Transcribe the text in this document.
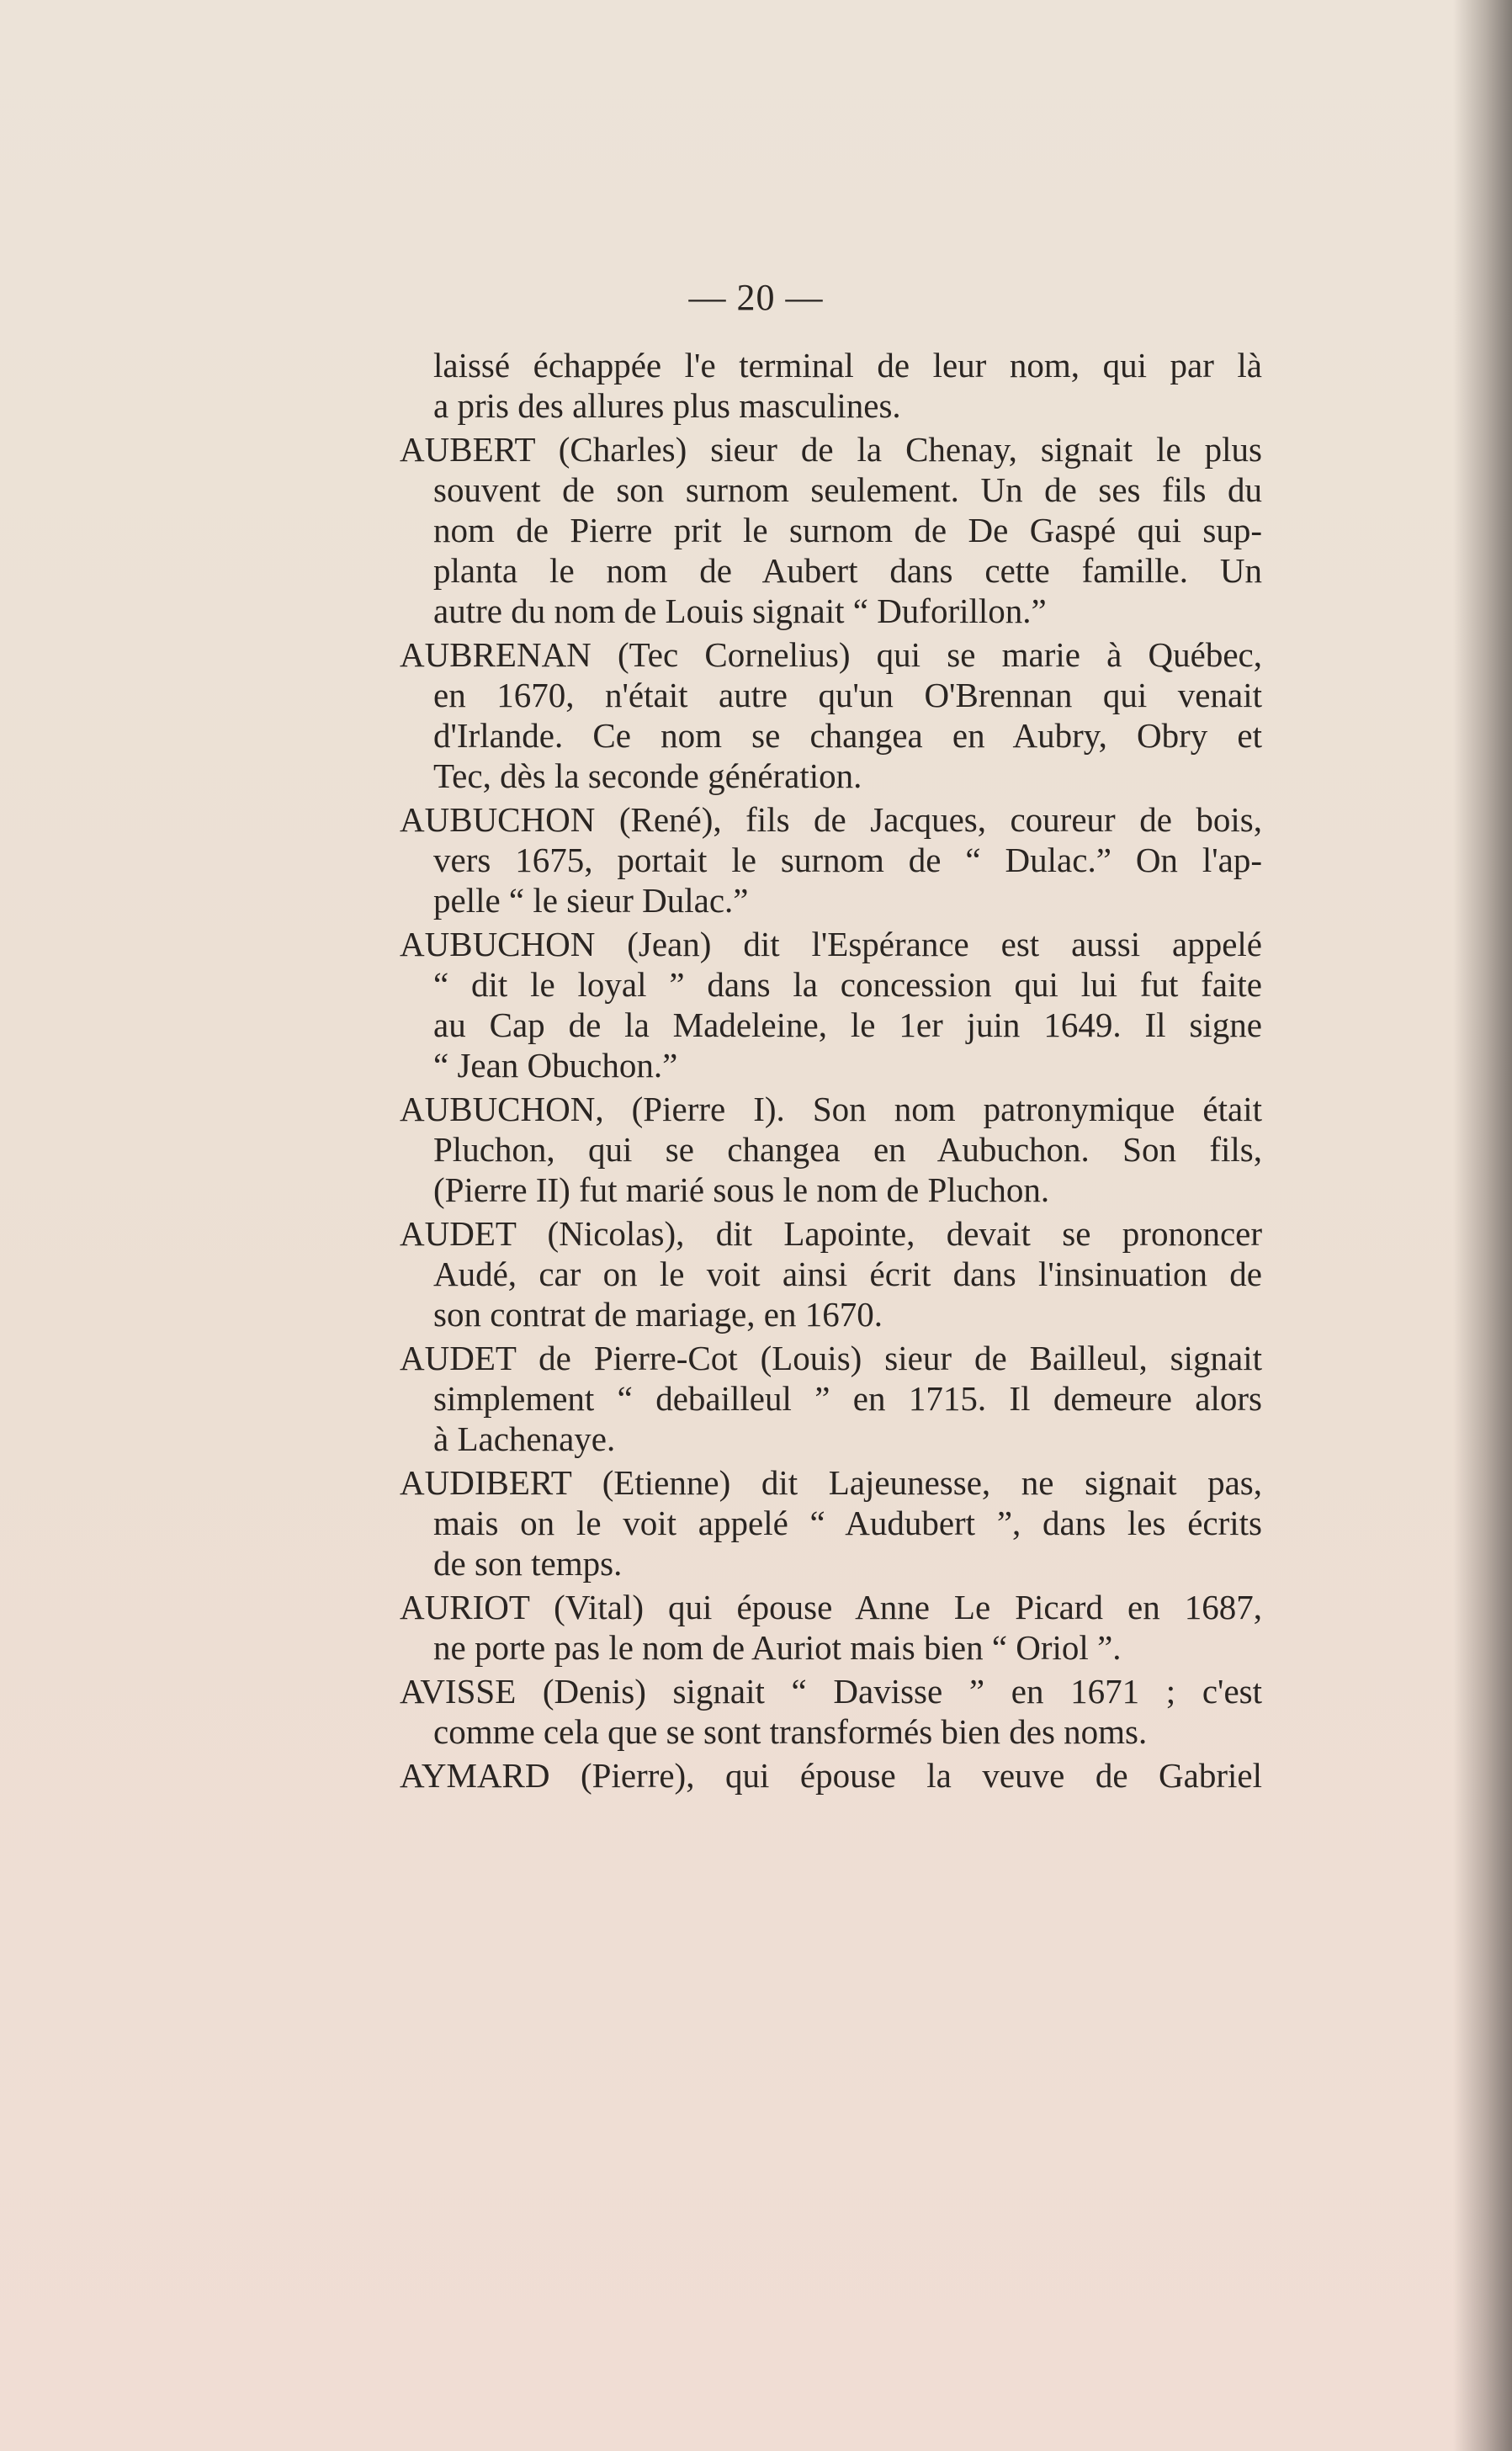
— 20 —
laissé échappée l'e terminal de leur nom, qui par là
a pris des allures plus masculines.
AUBERT (Charles) sieur de la Chenay, signait le plus
souvent de son surnom seulement. Un de ses fils du
nom de Pierre prit le surnom de De Gaspé qui sup-
planta le nom de Aubert dans cette famille. Un
autre du nom de Louis signait “ Duforillon.”
AUBRENAN (Tec Cornelius) qui se marie à Québec,
en 1670, n'était autre qu'un O'Brennan qui venait
d'Irlande. Ce nom se changea en Aubry, Obry et
Tec, dès la seconde génération.
AUBUCHON (René), fils de Jacques, coureur de bois,
vers 1675, portait le surnom de “ Dulac.” On l'ap-
pelle “ le sieur Dulac.”
AUBUCHON (Jean) dit l'Espérance est aussi appelé
“ dit le loyal ” dans la concession qui lui fut faite
au Cap de la Madeleine, le 1er juin 1649. Il signe
“ Jean Obuchon.”
AUBUCHON, (Pierre I). Son nom patronymique était
Pluchon, qui se changea en Aubuchon. Son fils,
(Pierre II) fut marié sous le nom de Pluchon.
AUDET (Nicolas), dit Lapointe, devait se prononcer
Audé, car on le voit ainsi écrit dans l'insinuation de
son contrat de mariage, en 1670.
AUDET de Pierre-Cot (Louis) sieur de Bailleul, signait
simplement “ debailleul ” en 1715. Il demeure alors
à Lachenaye.
AUDIBERT (Etienne) dit Lajeunesse, ne signait pas,
mais on le voit appelé “ Audubert ”, dans les écrits
de son temps.
AURIOT (Vital) qui épouse Anne Le Picard en 1687,
ne porte pas le nom de Auriot mais bien “ Oriol ”.
AVISSE (Denis) signait “ Davisse ” en 1671 ; c'est
comme cela que se sont transformés bien des noms.
AYMARD (Pierre), qui épouse la veuve de Gabriel
